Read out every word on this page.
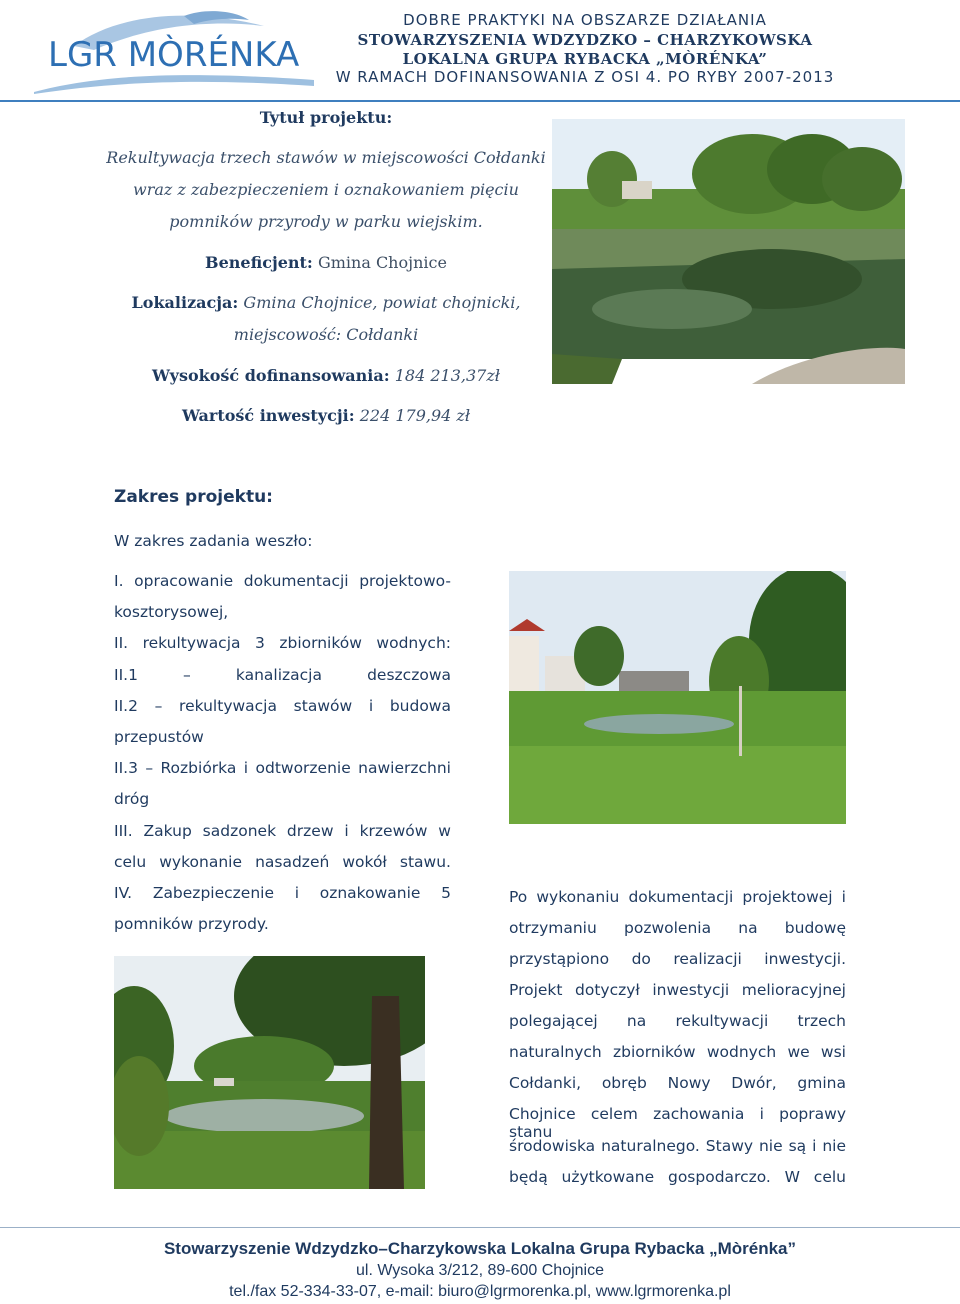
LGR MÒRÉNKA
DOBRE PRAKTYKI NA OBSZARZE DZIAŁANIA
STOWARZYSZENIA WDZYDZKO – CHARZYKOWSKA
LOKALNA GRUPA RYBACKA „MÒRÉNKA”
W RAMACH DOFINANSOWANIA Z OSI 4. PO RYBY 2007-2013
Tytuł projektu:
Rekultywacja trzech stawów w miejscowości Cołdanki
wraz z zabezpieczeniem i oznakowaniem pięciu
pomników przyrody w parku wiejskim.
Beneficjent: Gmina Chojnice
Lokalizacja: Gmina Chojnice, powiat chojnicki,
miejscowość: Cołdanki
Wysokość dofinansowania: 184 213,37zł
Wartość inwestycji: 224 179,94 zł
Zakres projektu:
W zakres zadania weszło:
I. opracowanie dokumentacji projektowo-
kosztorysowej,
II. rekultywacja 3 zbiorników wodnych:
II.1 – kanalizacja deszczowa
II.2 – rekultywacja stawów i budowa
przepustów
II.3 – Rozbiórka i odtworzenie nawierzchni
dróg
III. Zakup sadzonek drzew i krzewów w
celu wykonanie nasadzeń wokół stawu.
IV. Zabezpieczenie i oznakowanie 5
pomników przyrody.
Po wykonaniu dokumentacji projektowej i
otrzymaniu pozwolenia na budowę
przystąpiono do realizacji inwestycji.
Projekt dotyczył inwestycji melioracyjnej
polegającej na rekultywacji trzech
naturalnych zbiorników wodnych we wsi
Cołdanki, obręb Nowy Dwór, gmina
Chojnice celem zachowania i poprawy stanu
środowiska naturalnego. Stawy nie są i nie
będą użytkowane gospodarczo. W celu
Stowarzyszenie Wdzydzko–Charzykowska Lokalna Grupa Rybacka „Mòrénka”
ul. Wysoka 3/212, 89-600 Chojnice
tel./fax 52-334-33-07, e-mail: biuro@lgrmorenka.pl, www.lgrmorenka.pl
